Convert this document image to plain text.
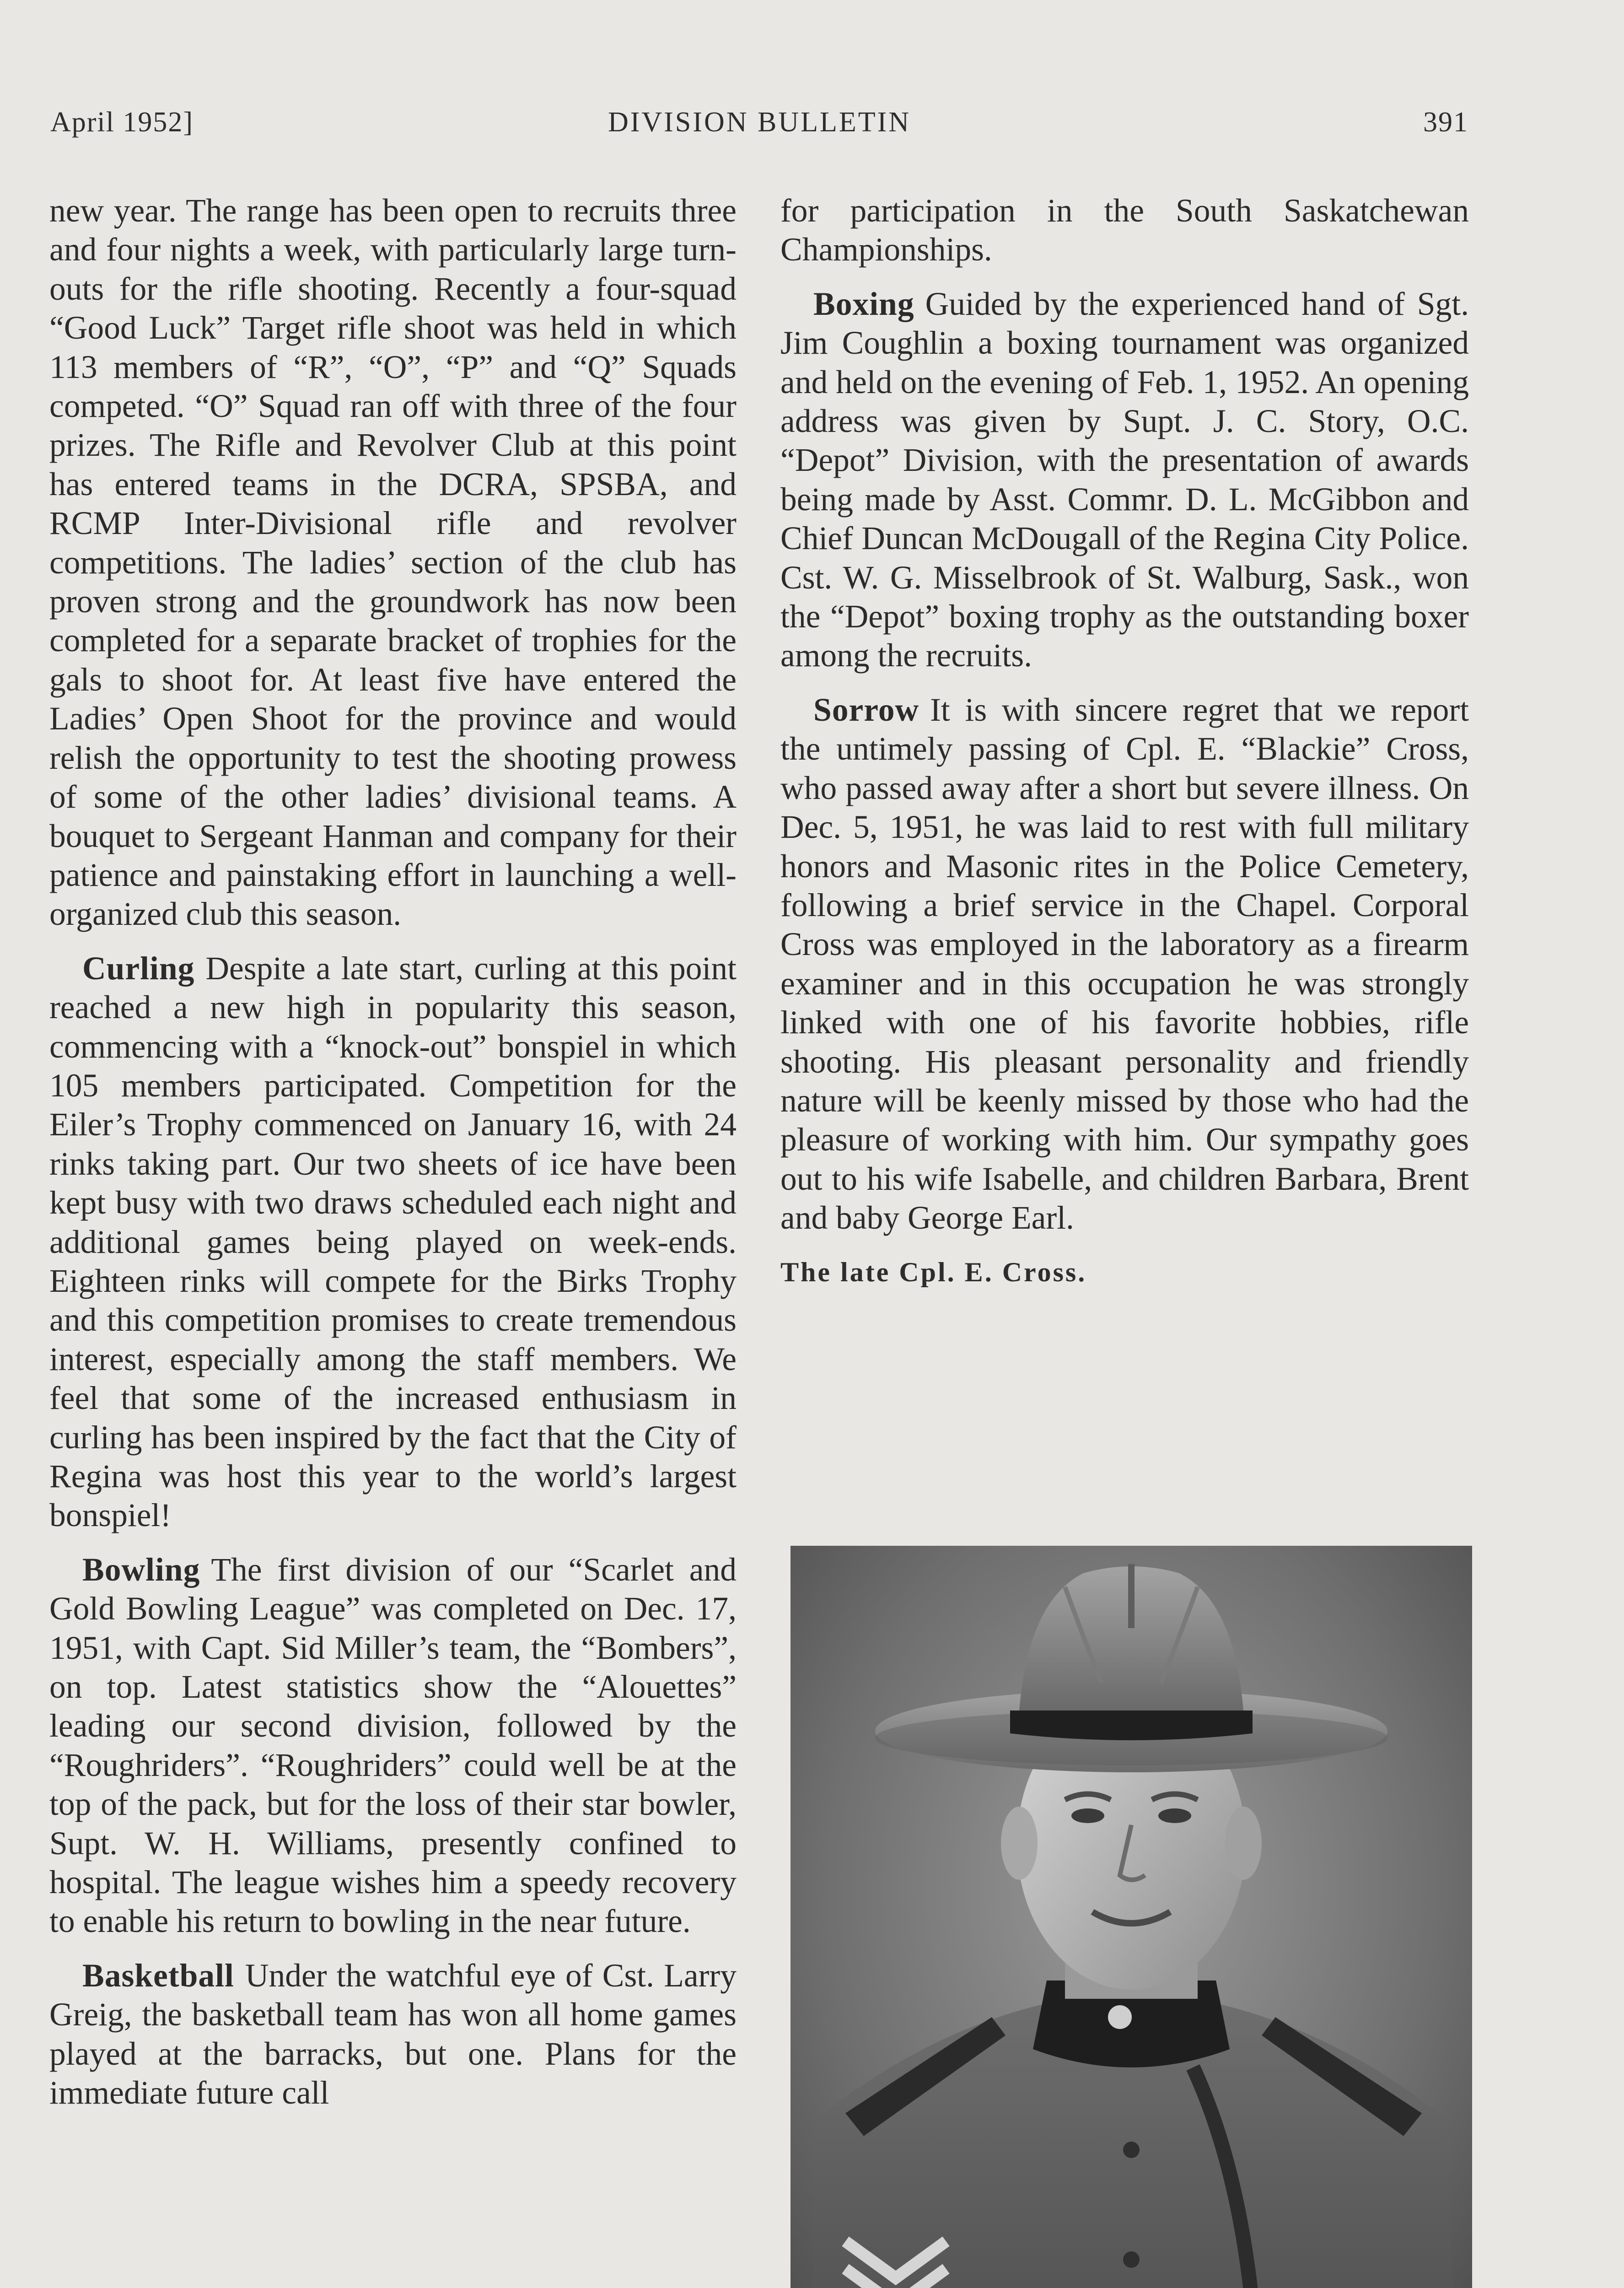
April 1952]	DIVISION BULLETIN	391

new year. The range has been open to recruits three and four nights a week, with particularly large turn-outs for the rifle shooting. Recently a four-squad “Good Luck” Target rifle shoot was held in which 113 members of “R”, “O”, “P” and “Q” Squads competed. “O” Squad ran off with three of the four prizes. The Rifle and Revolver Club at this point has entered teams in the DCRA, SPSBA, and RCMP Inter-Divisional rifle and revolver competitions. The ladies’ section of the club has proven strong and the groundwork has now been completed for a separate bracket of trophies for the gals to shoot for. At least five have entered the Ladies’ Open Shoot for the province and would relish the opportunity to test the shooting prowess of some of the other ladies’ divisional teams. A bouquet to Sergeant Hanman and company for their patience and painstaking effort in launching a well-organized club this season.

Curling Despite a late start, curling at this point reached a new high in popularity this season, commencing with a “knock-out” bonspiel in which 105 members participated. Competition for the Eiler’s Trophy commenced on January 16, with 24 rinks taking part. Our two sheets of ice have been kept busy with two draws scheduled each night and additional games being played on week-ends. Eighteen rinks will compete for the Birks Trophy and this competition promises to create tremendous interest, especially among the staff members. We feel that some of the increased enthusiasm in curling has been inspired by the fact that the City of Regina was host this year to the world’s largest bonspiel!

Bowling The first division of our “Scarlet and Gold Bowling League” was completed on Dec. 17, 1951, with Capt. Sid Miller’s team, the “Bombers”, on top. Latest statistics show the “Alouettes” leading our second division, followed by the “Roughriders”. “Roughriders” could well be at the top of the pack, but for the loss of their star bowler, Supt. W. H. Williams, presently confined to hospital. The league wishes him a speedy recovery to enable his return to bowling in the near future.

Basketball Under the watchful eye of Cst. Larry Greig, the basketball team has won all home games played at the barracks, but one. Plans for the immediate future call

for participation in the South Saskatchewan Championships.

Boxing Guided by the experienced hand of Sgt. Jim Coughlin a boxing tournament was organized and held on the evening of Feb. 1, 1952. An opening address was given by Supt. J. C. Story, O.C. “Depot” Division, with the presentation of awards being made by Asst. Commr. D. L. McGibbon and Chief Duncan McDougall of the Regina City Police. Cst. W. G. Misselbrook of St. Walburg, Sask., won the “Depot” boxing trophy as the outstanding boxer among the recruits.

Sorrow It is with sincere regret that we report the untimely passing of Cpl. E. “Blackie” Cross, who passed away after a short but severe illness. On Dec. 5, 1951, he was laid to rest with full military honors and Masonic rites in the Police Cemetery, following a brief service in the Chapel. Corporal Cross was employed in the laboratory as a firearm examiner and in this occupation he was strongly linked with one of his favorite hobbies, rifle shooting. His pleasant personality and friendly nature will be keenly missed by those who had the pleasure of working with him. Our sympathy goes out to his wife Isabelle, and children Barbara, Brent and baby George Earl.

The late Cpl. E. Cross.
